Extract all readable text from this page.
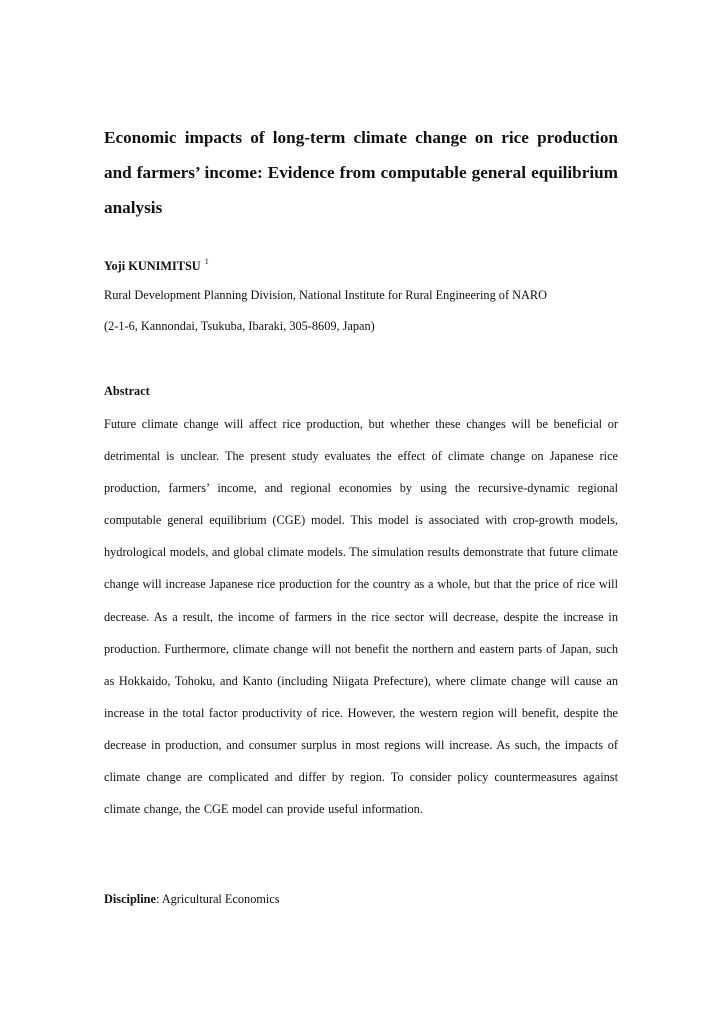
Economic impacts of long-term climate change on rice production and farmers’ income: Evidence from computable general equilibrium analysis

Yoji KUNIMITSU $^1$

Rural Development Planning Division, National Institute for Rural Engineering of NARO

(2-1-6, Kannondai, Tsukuba, Ibaraki, 305-8609, Japan)

Abstract

Future climate change will affect rice production, but whether these changes will be beneficial or detrimental is unclear. The present study evaluates the effect of climate change on Japanese rice production, farmers’ income, and regional economies by using the recursive-dynamic regional computable general equilibrium (CGE) model. This model is associated with crop-growth models, hydrological models, and global climate models. The simulation results demonstrate that future climate change will increase Japanese rice production for the country as a whole, but that the price of rice will decrease. As a result, the income of farmers in the rice sector will decrease, despite the increase in production. Furthermore, climate change will not benefit the northern and eastern parts of Japan, such as Hokkaido, Tohoku, and Kanto (including Niigata Prefecture), where climate change will cause an increase in the total factor productivity of rice. However, the western region will benefit, despite the decrease in production, and consumer surplus in most regions will increase. As such, the impacts of climate change are complicated and differ by region. To consider policy countermeasures against climate change, the CGE model can provide useful information.

Discipline: Agricultural Economics
